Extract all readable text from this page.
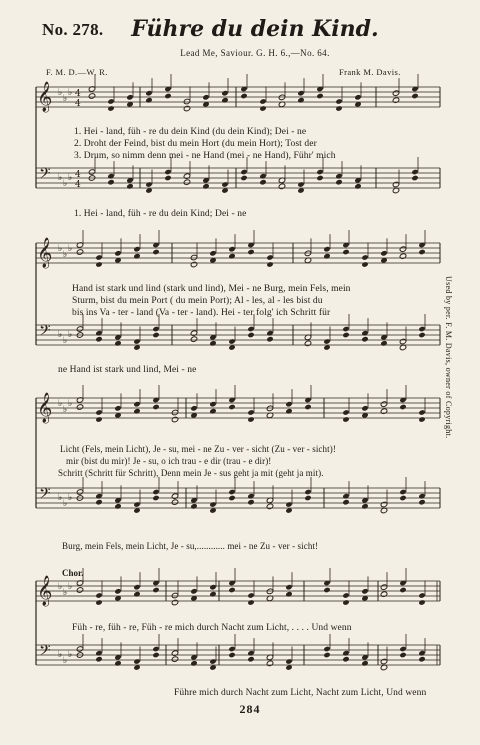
No. 278.	Führe du dein Kind.
Lead Me, Saviour. G. H. 6.,—No. 64.
F. M. D.—W. R.	Frank M. Davis.
Used by per. F. M. Davis, owner of Copyright.
𝄞
𝄢
♭
♭
♭
♭
♭
♭
4
4
4
4
𝄞
𝄢
♭
♭
♭
♭
♭
♭
𝄞
𝄢
♭
♭
♭
♭
♭
♭
𝄞
𝄢
♭
♭
♭
♭
♭
♭
1. Hei - land, füh - re du dein Kind (du dein Kind); Dei - ne
2. Droht der Feind, bist du mein Hort (du mein Hort); Tost der
3. Drum, so nimm denn mei - ne Hand (mei - ne Hand), Führ' mich
1. Hei - land, füh - re du dein Kind; Dei - ne
Hand ist stark und lind (stark und lind), Mei - ne Burg, mein Fels, mein
Sturm, bist du mein Port ( du mein Port); Al - les, al - les bist du
bis ins Va - ter - land (Va - ter - land). Hei - ter folg' ich Schritt für
ne Hand ist stark und lind, Mei - ne
Licht (Fels, mein Licht), Je - su, mei - ne Zu - ver - sicht (Zu - ver - sicht)!
mir (bist du mir)! Je - su, o ich trau - e dir (trau - e dir)!
Schritt (Schritt für Schritt), Denn mein Je - sus geht ja mit (geht ja mit).
Burg, mein Fels, mein Licht, Je - su,............ mei - ne Zu - ver - sicht!
Chor.
Füh - re, füh - re, Füh - re mich durch Nacht zum Licht, . . . . Und wenn
Führe mich durch Nacht zum Licht, Nacht zum Licht, Und wenn
284
